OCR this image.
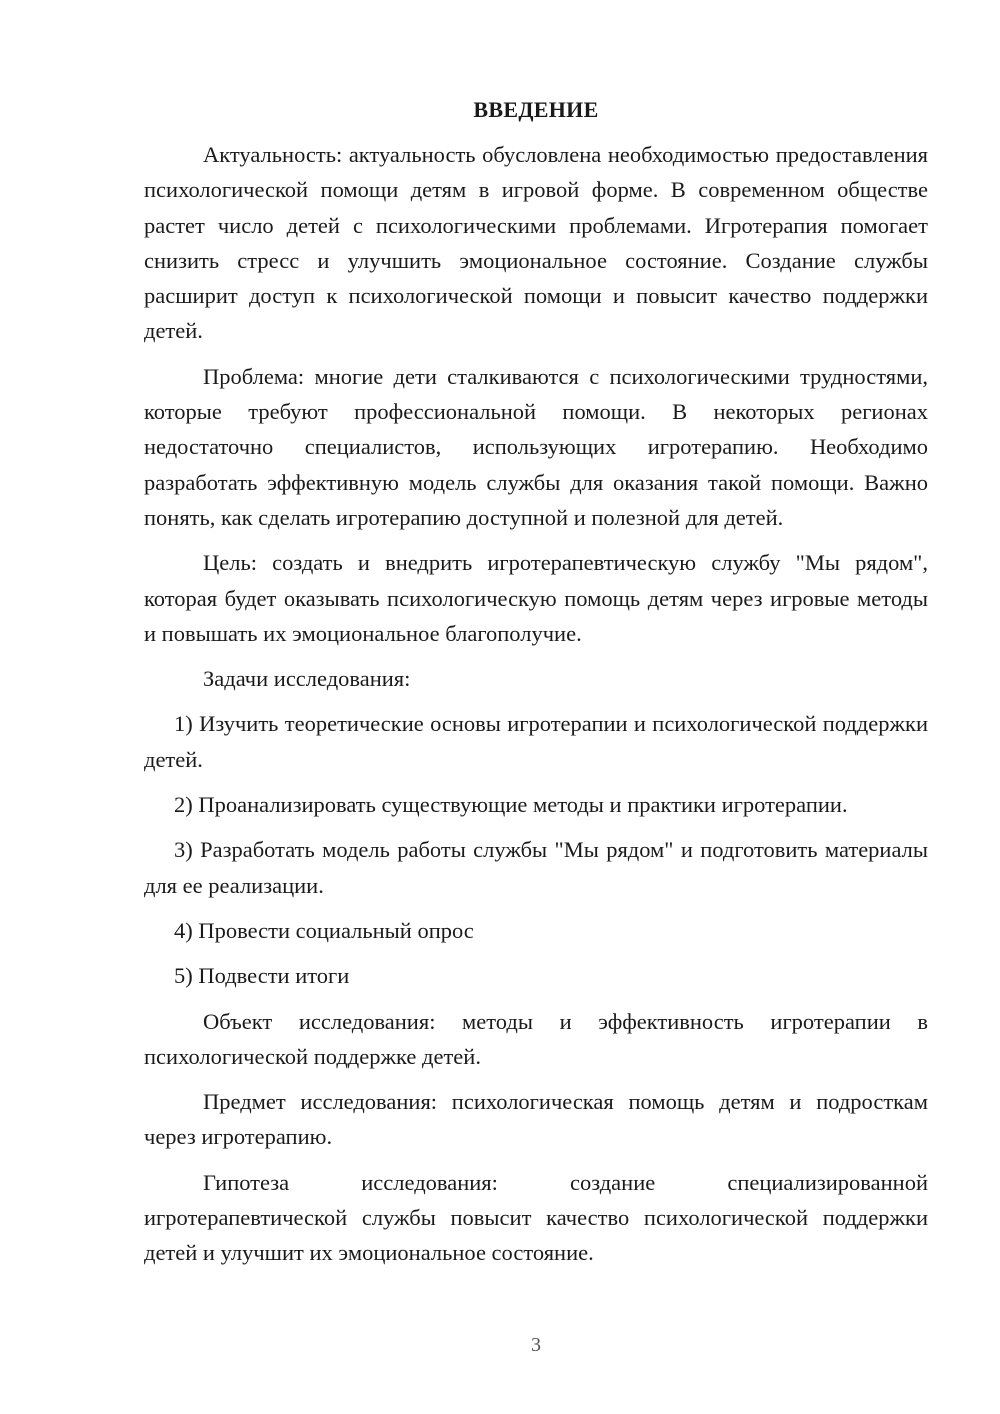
ВВЕДЕНИЕ

Актуальность: актуальность обусловлена необходимостью предоставления психологической помощи детям в игровой форме. В современном обществе растет число детей с психологическими проблемами. Игротерапия помогает снизить стресс и улучшить эмоциональное состояние. Создание службы расширит доступ к психологической помощи и повысит качество поддержки детей.

Проблема: многие дети сталкиваются с психологическими трудностями, которые требуют профессиональной помощи. В некоторых регионах недостаточно специалистов, использующих игротерапию. Необходимо разработать эффективную модель службы для оказания такой помощи. Важно понять, как сделать игротерапию доступной и полезной для детей.

Цель: создать и внедрить игротерапевтическую службу "Мы рядом", которая будет оказывать психологическую помощь детям через игровые методы и повышать их эмоциональное благополучие.

Задачи исследования:

1) Изучить теоретические основы игротерапии и психологической поддержки детей.

2) Проанализировать существующие методы и практики игротерапии.

3) Разработать модель работы службы "Мы рядом" и подготовить материалы для ее реализации.

4) Провести социальный опрос

5) Подвести итоги

Объект исследования: методы и эффективность игротерапии в психологической поддержке детей.

Предмет исследования: психологическая помощь детям и подросткам через игротерапию.

Гипотеза исследования: создание специализированной игротерапевтической службы повысит качество психологической поддержки детей и улучшит их эмоциональное состояние.

3
